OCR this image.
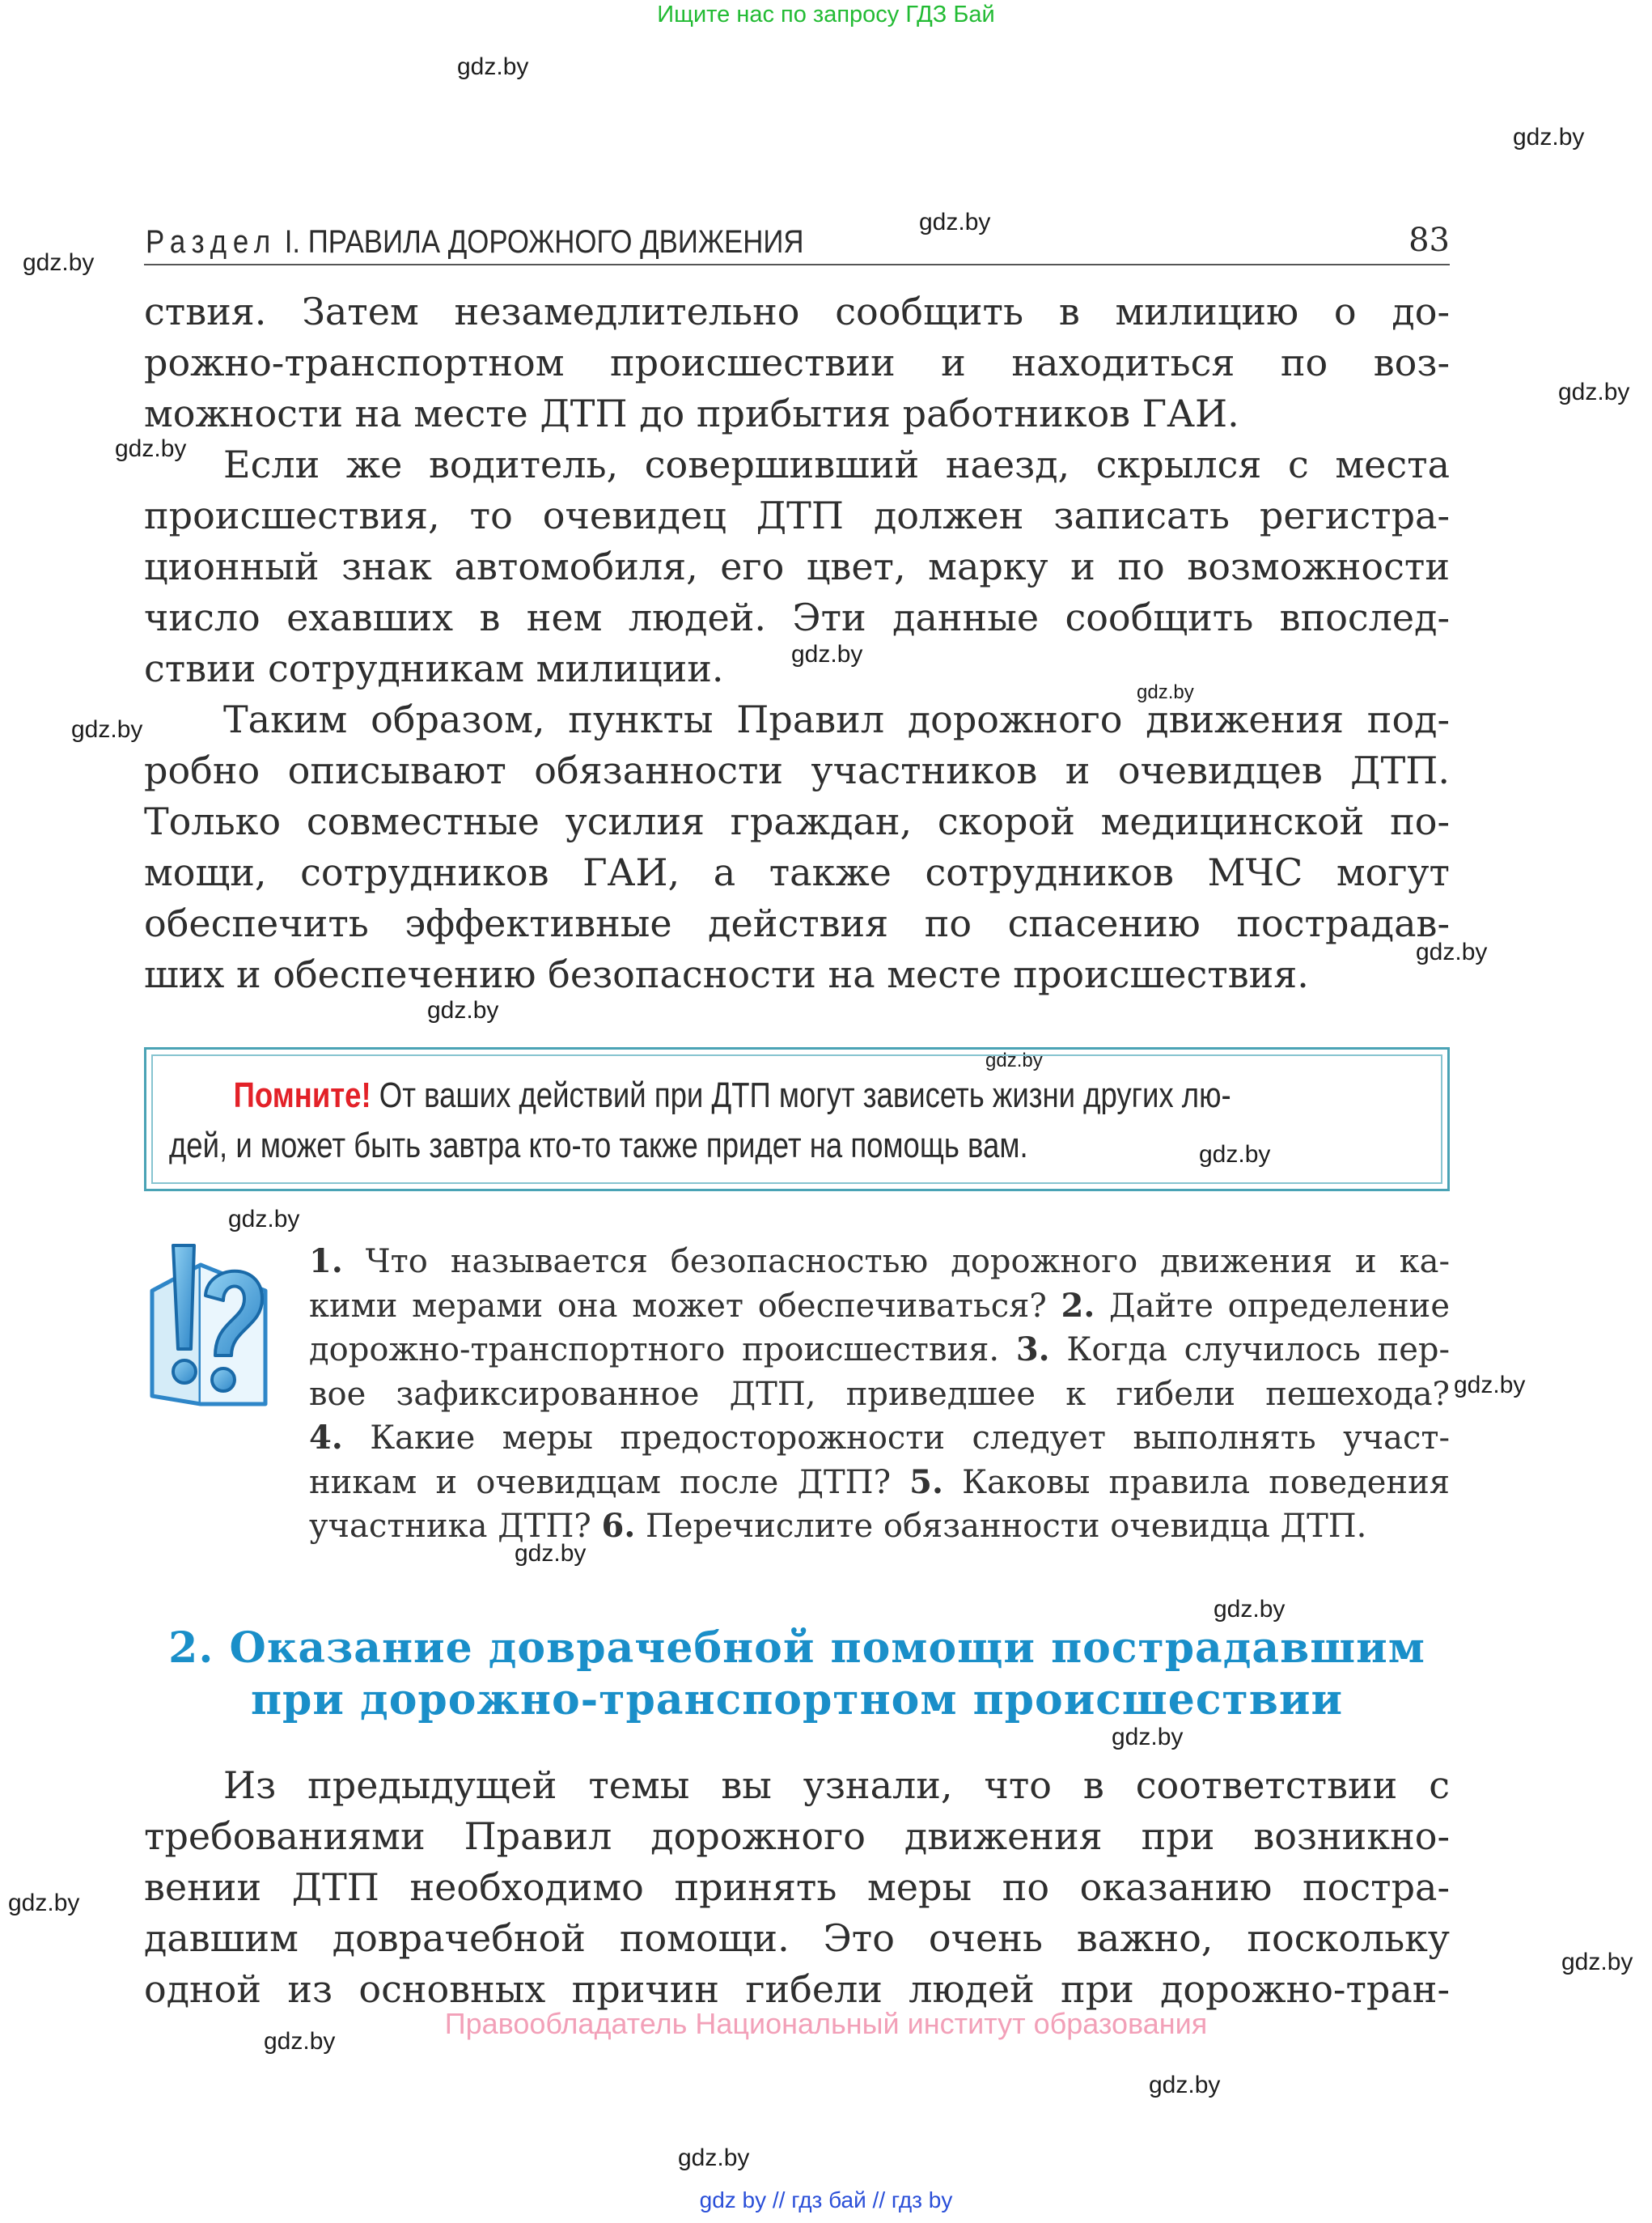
Ищите нас по запросу ГДЗ Бай
gdz.by
gdz.by
gdz.by
gdz.by
gdz.by
gdz.by
gdz.by
gdz.by
gdz.by
gdz.by
gdz.by
gdz.by
gdz.by
gdz.by
gdz.by
gdz.by
gdz.by
gdz.by
gdz.by
gdz.by
gdz.by
gdz.by
gdz.by
Раздел I. ПРАВИЛА ДОРОЖНОГО ДВИЖЕНИЯ	83
ствия. Затем незамедлительно сообщить в милицию о до-
рожно-транспортном происшествии и находиться по воз-
можности на месте ДТП до прибытия работников ГАИ.
Если же водитель, совершивший наезд, скрылся с места
происшествия, то очевидец ДТП должен записать регистра-
ционный знак автомобиля, его цвет, марку и по возможности
число ехавших в нем людей. Эти данные сообщить впослед-
ствии сотрудникам милиции.
Таким образом, пункты Правил дорожного движения под-
робно описывают обязанности участников и очевидцев ДТП.
Только совместные усилия граждан, скорой медицинской по-
мощи, сотрудников ГАИ, а также сотрудников МЧС могут
обеспечить эффективные действия по спасению пострадав-
ших и обеспечению безопасности на месте происшествия.
Помните! От ваших действий при ДТП могут зависеть жизни других лю-
дей, и может быть завтра кто-то также придет на помощь вам.
1. Что называется безопасностью дорожного движения и ка-
кими мерами она может обеспечиваться? 2. Дайте определение
дорожно-транспортного происшествия. 3. Когда случилось пер-
вое зафиксированное ДТП, приведшее к гибели пешехода?
4. Какие меры предосторожности следует выполнять участ-
никам и очевидцам после ДТП? 5. Каковы правила поведения
участника ДТП? 6. Перечислите обязанности очевидца ДТП.
2. Оказание доврачебной помощи пострадавшим
при дорожно-транспортном происшествии
Из предыдущей темы вы узнали, что в соответствии с
требованиями Правил дорожного движения при возникно-
вении ДТП необходимо принять меры по оказанию постра-
давшим доврачебной помощи. Это очень важно, поскольку
одной из основных причин гибели людей при дорожно-тран-
Правообладатель Национальный институт образования
gdz by // гдз бай // гдз by
